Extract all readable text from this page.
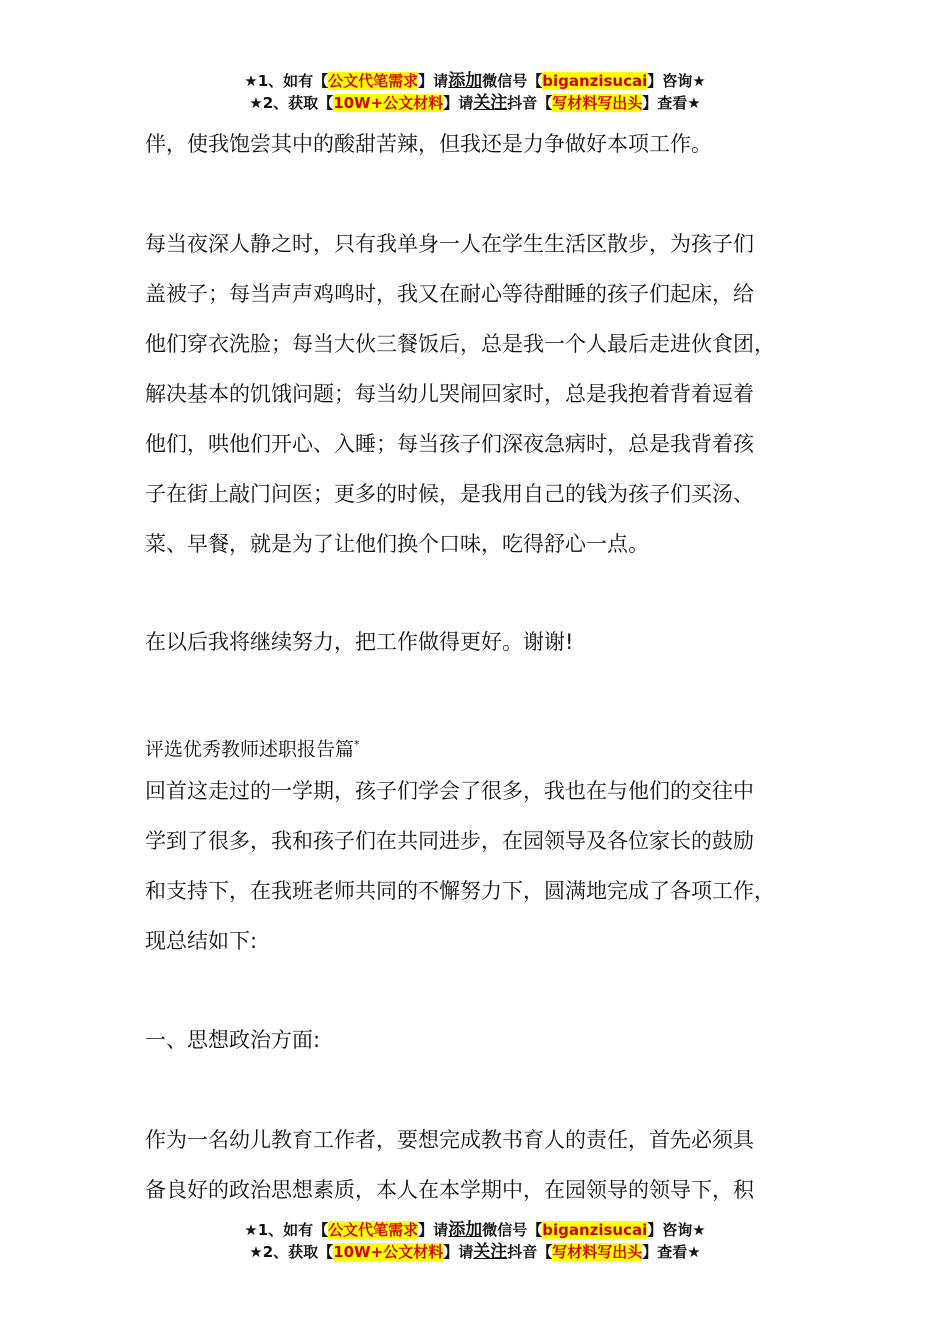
★1、如有【公文代笔需求】请添加微信号【biganzisucai】咨询★
★2、获取【10W+公文材料】请关注抖音【写材料写出头】查看★

伴，使我饱尝其中的酸甜苦辣，但我还是力争做好本项工作。

每当夜深人静之时，只有我单身一人在学生生活区散步，为孩子们

盖被子；每当声声鸡鸣时，我又在耐心等待酣睡的孩子们起床，给

他们穿衣洗脸；每当大伙三餐饭后，总是我一个人最后走进伙食团，

解决基本的饥饿问题；每当幼儿哭闹回家时，总是我抱着背着逗着

他们，哄他们开心、入睡；每当孩子们深夜急病时，总是我背着孩

子在街上敲门问医；更多的时候，是我用自己的钱为孩子们买汤、

菜、早餐，就是为了让他们换个口味，吃得舒心一点。

在以后我将继续努力，把工作做得更好。谢谢!

评选优秀教师述职报告篇*

回首这走过的一学期，孩子们学会了很多，我也在与他们的交往中

学到了很多，我和孩子们在共同进步，在园领导及各位家长的鼓励

和支持下，在我班老师共同的不懈努力下，圆满地完成了各项工作，

现总结如下:

一、思想政治方面:

作为一名幼儿教育工作者，要想完成教书育人的责任，首先必须具

备良好的政治思想素质，本人在本学期中，在园领导的领导下，积

★1、如有【公文代笔需求】请添加微信号【biganzisucai】咨询★
★2、获取【10W+公文材料】请关注抖音【写材料写出头】查看★
